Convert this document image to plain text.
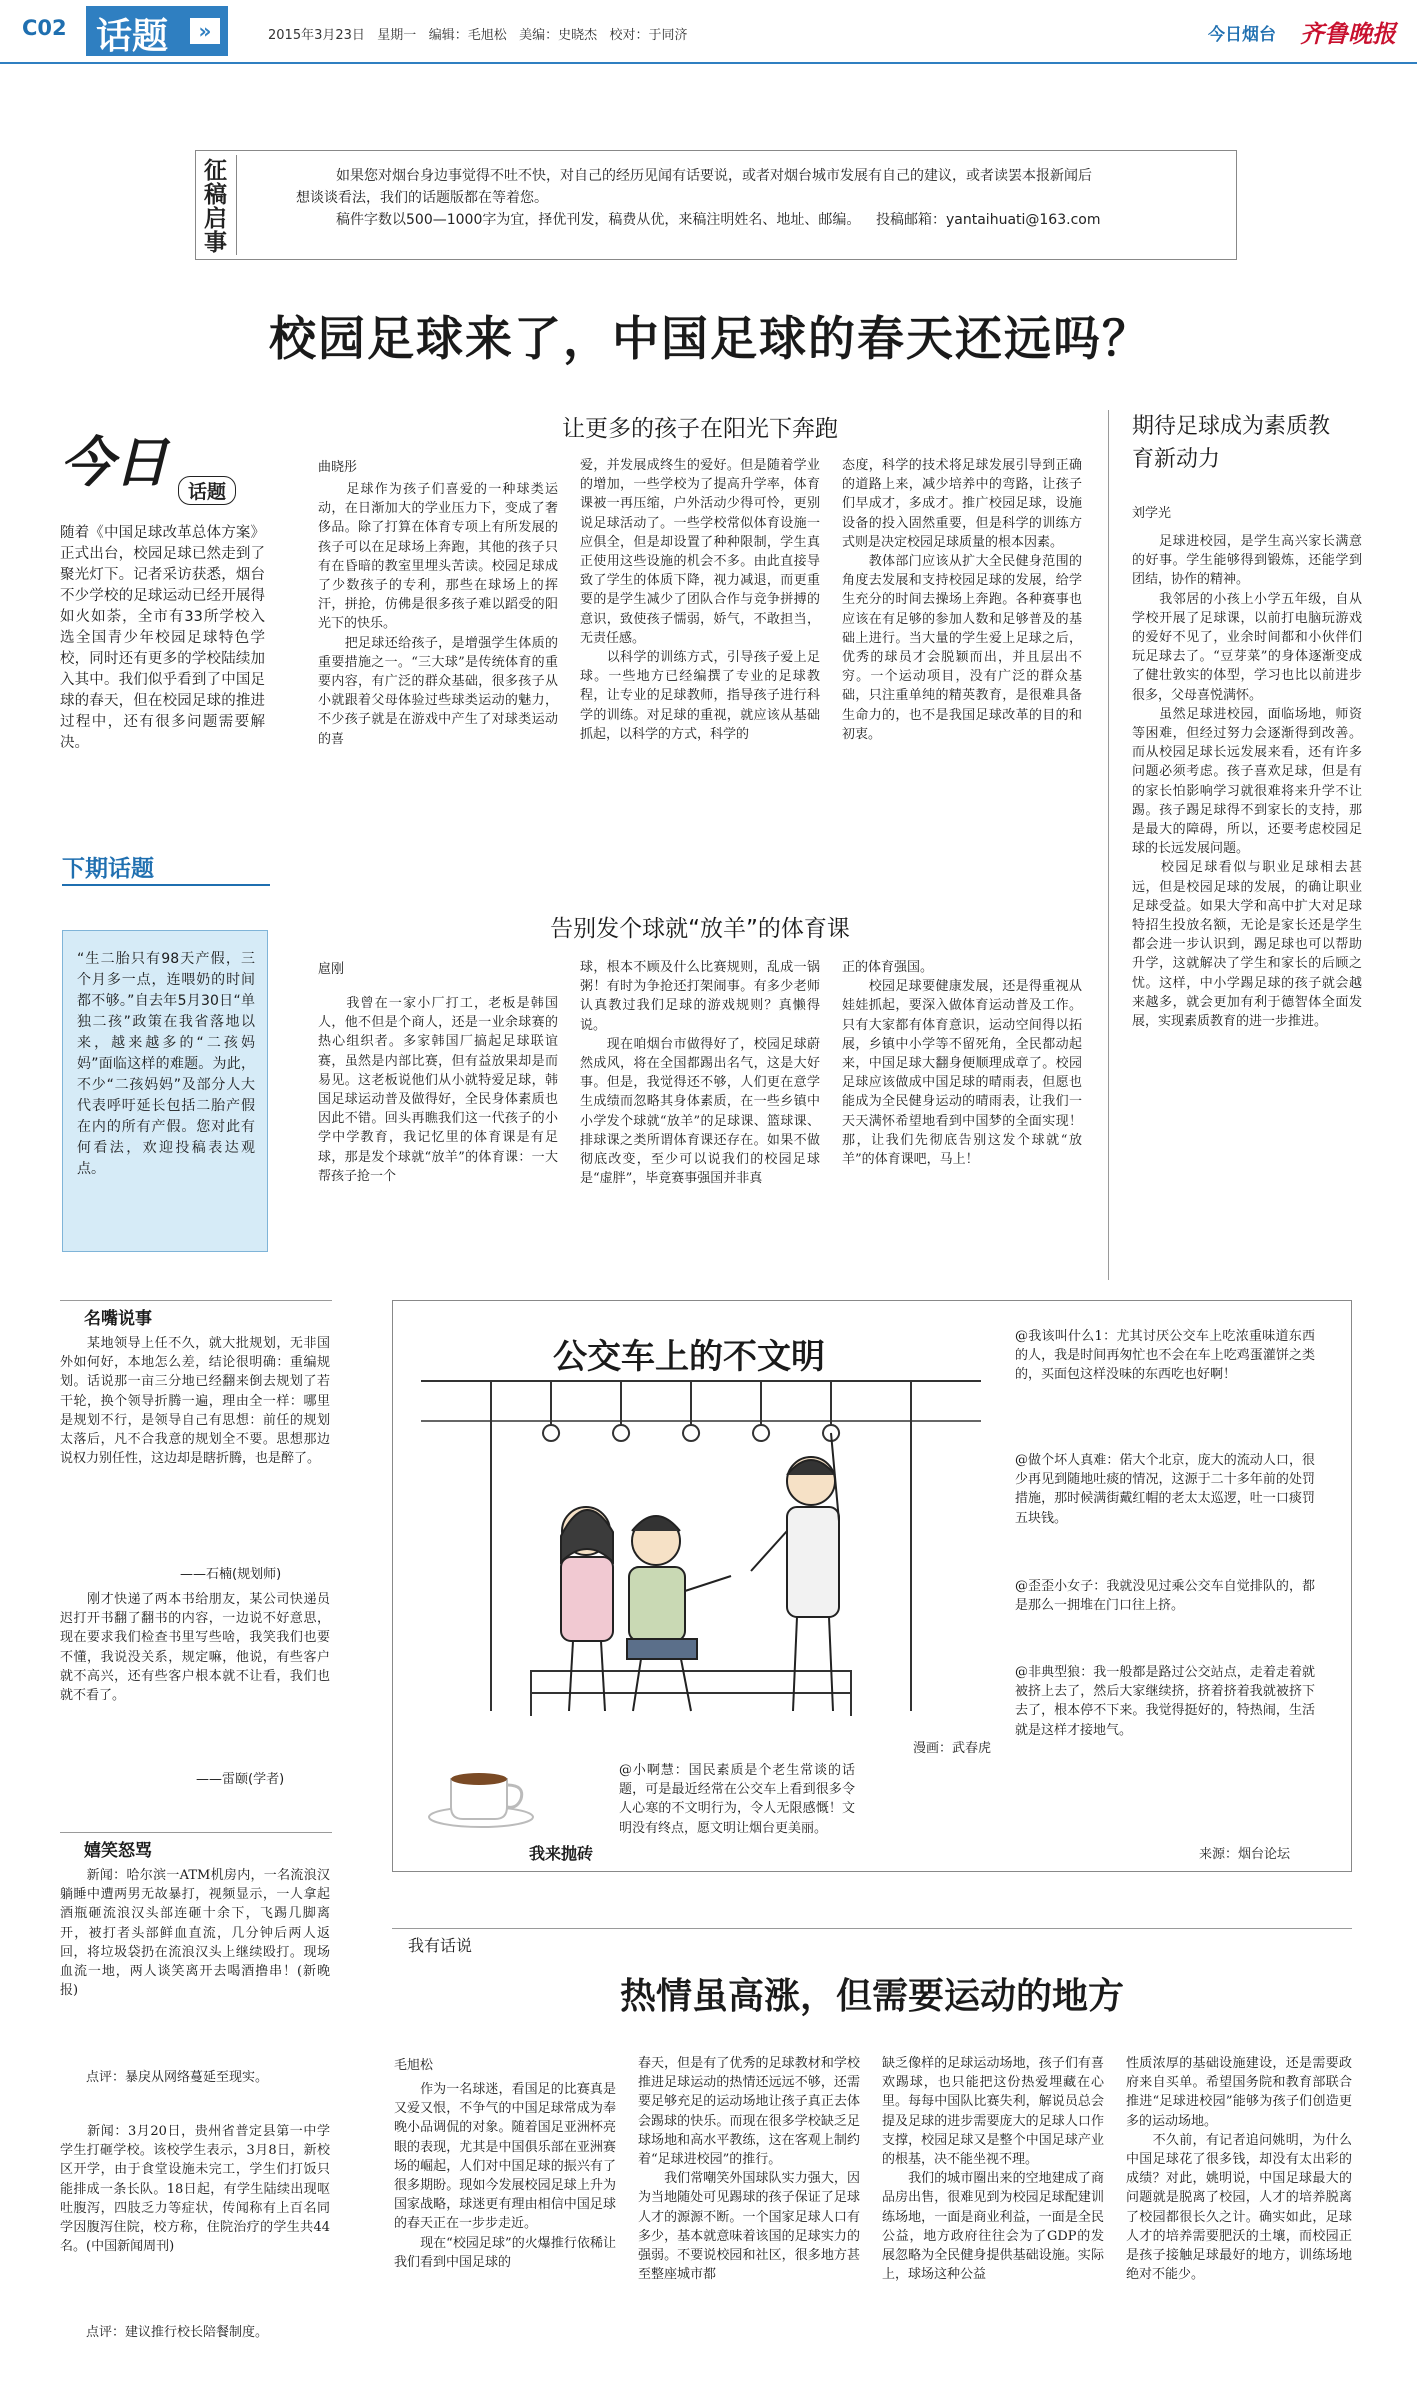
C02 话题	»	2015年3月23日   星期一   编辑：毛旭松   美编：史晓杰   校对：于同济	今日烟台 齐鲁晚报
征稿启事
如果您对烟台身边事觉得不吐不快，对自己的经历见闻有话要说，或者对烟台城市发展有自己的建议，或者读罢本报新闻后
想谈谈看法，我们的话题版都在等着您。
稿件字数以500—1000字为宜，择优刊发，稿费从优，来稿注明姓名、地址、邮编。 投稿邮箱：yantaihuati@163.com
校园足球来了，中国足球的春天还远吗？
今日	话题
随着《中国足球改革总体方案》正式出台，校园足球已然走到了聚光灯下。记者采访获悉，烟台不少学校的足球运动已经开展得如火如荼，全市有33所学校入选全国青少年校园足球特色学校，同时还有更多的学校陆续加入其中。我们似乎看到了中国足球的春天，但在校园足球的推进过程中，还有很多问题需要解决。
下期话题
“生二胎只有98天产假，三个月多一点，连喂奶的时间都不够。”自去年5月30日“单独二孩”政策在我省落地以来，越来越多的“二孩妈妈”面临这样的难题。为此，不少“二孩妈妈”及部分人大代表呼吁延长包括二胎产假在内的所有产假。您对此有何看法，欢迎投稿表达观点。
让更多的孩子在阳光下奔跑
曲晓彤
　　足球作为孩子们喜爱的一种球类运动，在日渐加大的学业压力下，变成了奢侈品。除了打算在体育专项上有所发展的孩子可以在足球场上奔跑，其他的孩子只有在昏暗的教室里埋头苦读。校园足球成了少数孩子的专利，那些在球场上的挥汗，拼抢，仿佛是很多孩子难以蹈受的阳光下的快乐。
　　把足球还给孩子，是增强学生体质的重要措施之一。“三大球”是传统体育的重要内容，有广泛的群众基础，很多孩子从小就跟着父母体验过些球类运动的魅力，不少孩子就是在游戏中产生了对球类运动的喜
爱，并发展成终生的爱好。但是随着学业的增加，一些学校为了提高升学率，体育课被一再压缩，户外活动少得可怜，更别说足球活动了。一些学校常似体育设施一应俱全，但是却设置了种种限制，学生真正使用这些设施的机会不多。由此直接导致了学生的体质下降，视力减退，而更重要的是学生减少了团队合作与竞争拼搏的意识，致使孩子懦弱，娇气，不敢担当，无责任感。
　　以科学的训练方式，引导孩子爱上足球。一些地方已经编撰了专业的足球教程，让专业的足球教师，指导孩子进行科学的训练。对足球的重视，就应该从基础抓起，以科学的方式，科学的
态度，科学的技术将足球发展引导到正确的道路上来，减少培养中的弯路，让孩子们早成才，多成才。推广校园足球，设施设备的投入固然重要，但是科学的训练方式则是决定校园足球质量的根本因素。
　　教体部门应该从扩大全民健身范围的角度去发展和支持校园足球的发展，给学生充分的时间去操场上奔跑。各种赛事也应该在有足够的参加人数和足够普及的基础上进行。当大量的学生爱上足球之后，优秀的球员才会脱颖而出，并且层出不穷。一个运动项目，没有广泛的群众基础，只注重单纯的精英教育，是很难具备生命力的，也不是我国足球改革的目的和初衷。
告别发个球就“放羊”的体育课
扈刚
　　我曾在一家小厂打工，老板是韩国人，他不但是个商人，还是一业余球赛的热心组织者。多家韩国厂搞起足球联谊赛，虽然是内部比赛，但有益放果却是而易见。这老板说他们从小就特爱足球，韩国足球运动普及做得好，全民身体素质也因此不错。回头再瞧我们这一代孩子的小学中学教育，我记忆里的体育课是有足球，那是发个球就“放羊”的体育课：一大帮孩子抢一个
球，根本不顾及什么比赛规则，乱成一锅粥！有时为争抢还打架闹事。有多少老师认真教过我们足球的游戏规则？真懒得说。
　　现在咱烟台市做得好了，校园足球蔚然成风，将在全国都踢出名气，这是大好事。但是，我觉得还不够，人们更在意学生成绩而忽略其身体素质，在一些乡镇中小学发个球就“放羊”的足球课、篮球课、排球课之类所谓体育课还存在。如果不做彻底改变，至少可以说我们的校园足球是“虚胖”，毕竟赛事强国并非真
正的体育强国。
　　校园足球要健康发展，还是得重视从娃娃抓起，要深入做体育运动普及工作。只有大家都有体育意识，运动空间得以拓展，乡镇中小学等不留死角，全民都动起来，中国足球大翻身便顺理成章了。校园足球应该做成中国足球的晴雨表，但愿也能成为全民健身运动的晴雨表，让我们一天天满怀希望地看到中国梦的全面实现！那，让我们先彻底告别这发个球就“放羊”的体育课吧，马上！
期待足球成为素质教育新动力
刘学光
　　足球进校园，是学生高兴家长满意的好事。学生能够得到锻炼，还能学到团结，协作的精神。
　　我邻居的小孩上小学五年级，自从学校开展了足球课，以前打电脑玩游戏的爱好不见了，业余时间都和小伙伴们玩足球去了。“豆芽菜”的身体逐渐变成了健壮敦实的体型，学习也比以前进步很多，父母喜悦满怀。
　　虽然足球进校园，面临场地，师资等困难，但经过努力会逐渐得到改善。而从校园足球长远发展来看，还有许多问题必须考虑。孩子喜欢足球，但是有的家长怕影响学习就很难将来升学不让踢。孩子踢足球得不到家长的支持，那是最大的障碍，所以，还要考虑校园足球的长远发展问题。
　　校园足球看似与职业足球相去甚远，但是校园足球的发展，的确让职业足球受益。如果大学和高中扩大对足球特招生投放名额，无论是家长还是学生都会进一步认识到，踢足球也可以帮助升学，这就解决了学生和家长的后顾之忧。这样，中小学踢足球的孩子就会越来越多，就会更加有利于德智体全面发展，实现素质教育的进一步推进。
名嘴说事
　　某地领导上任不久，就大批规划，无非国外如何好，本地怎么差，结论很明确：重编规划。话说那一亩三分地已经翻来倒去规划了若干轮，换个领导折腾一遍，理由全一样：哪里是规划不行，是领导自己有思想：前任的规划太落后，凡不合我意的规划全不要。思想那边说权力别任性，这边却是瞎折腾，也是醉了。
——石楠(规划师)
　　刚才快递了两本书给朋友，某公司快递员迟打开书翻了翻书的内容，一边说不好意思，现在要求我们检查书里写些啥，我笑我们也要不懂，我说没关系，规定嘛，他说，有些客户就不高兴，还有些客户根本就不让看，我们也就不看了。
——雷颐(学者)
嬉笑怒骂
　　新闻：哈尔滨一ATM机房内，一名流浪汉躺睡中遭两男无故暴打，视频显示，一人拿起酒瓶砸流浪汉头部连砸十余下，飞踢几脚离开，被打者头部鲜血直流，几分钟后两人返回，将垃圾袋扔在流浪汉头上继续殴打。现场血流一地，两人谈笑离开去喝酒撸串！(新晚报)
　　点评：暴戾从网络蔓延至现实。
　　新闻：3月20日，贵州省普定县第一中学学生打砸学校。该校学生表示，3月8日，新校区开学，由于食堂设施未完工，学生们打饭只能排成一条长队。18日起，有学生陆续出现呕吐腹泻，四肢乏力等症状，传闻称有上百名同学因腹泻住院，校方称，住院治疗的学生共44名。(中国新闻周刊)
　　点评：建议推行校长陪餐制度。
公交车上的不文明
漫画：武春虎
我来抛砖
@小啊慧：国民素质是个老生常谈的话题，可是最近经常在公交车上看到很多令人心寒的不文明行为，令人无限感慨！文明没有终点，愿文明让烟台更美丽。
@我该叫什么1：尤其讨厌公交车上吃浓重味道东西的人，我是时间再匆忙也不会在车上吃鸡蛋灌饼之类的，买面包这样没味的东西吃也好啊！
@做个坏人真难：偌大个北京，庞大的流动人口，很少再见到随地吐痰的情况，这源于二十多年前的处罚措施，那时候满街戴红帽的老太太巡逻，吐一口痰罚五块钱。
@歪歪小女子：我就没见过乘公交车自觉排队的，都是那么一拥堆在门口往上挤。
@非典型狼：我一般都是路过公交站点，走着走着就被挤上去了，然后大家继续挤，挤着挤着我就被挤下去了，根本停不下来。我觉得挺好的，特热闹，生活就是这样才接地气。
来源：烟台论坛
我有话说
热情虽高涨，但需要运动的地方
毛旭松
　　作为一名球迷，看国足的比赛真是又爱又恨，不争气的中国足球常成为奉晚小品调侃的对象。随着国足亚洲杯亮眼的表现，尤其是中国俱乐部在亚洲赛场的崛起，人们对中国足球的振兴有了很多期盼。现如今发展校园足球上升为国家战略，球迷更有理由相信中国足球的春天正在一步步走近。
　　现在“校园足球”的火爆推行依稀让我们看到中国足球的
春天，但是有了优秀的足球教材和学校推进足球运动的热情还远远不够，还需要足够充足的运动场地让孩子真正去体会踢球的快乐。而现在很多学校缺乏足球场地和高水平教练，这在客观上制约着“足球进校园”的推行。
　　我们常嘲笑外国球队实力强大，因为当地随处可见踢球的孩子保证了足球人才的源源不断。一个国家足球人口有多少，基本就意味着该国的足球实力的强弱。不要说校园和社区，很多地方甚至整座城市都
缺乏像样的足球运动场地，孩子们有喜欢踢球，也只能把这份热爱埋藏在心里。每每中国队比赛失利，解说员总会提及足球的进步需要庞大的足球人口作支撑，校园足球又是整个中国足球产业的根基，决不能坐视不理。
　　我们的城市圈出来的空地建成了商品房出售，很难见到为校园足球配建训练场地，一面是商业利益，一面是全民公益，地方政府往往会为了GDP的发展忽略为全民健身提供基础设施。实际上，球场这种公益
性质浓厚的基础设施建设，还是需要政府来自买单。希望国务院和教育部联合推进“足球进校园”能够为孩子们创造更多的运动场地。
　　不久前，有记者追问姚明，为什么中国足球花了很多钱，却没有太出彩的成绩？对此，姚明说，中国足球最大的问题就是脱离了校园，人才的培养脱离了校园都很长久之计。确实如此，足球人才的培养需要肥沃的土壤，而校园正是孩子接触足球最好的地方，训练场地绝对不能少。
